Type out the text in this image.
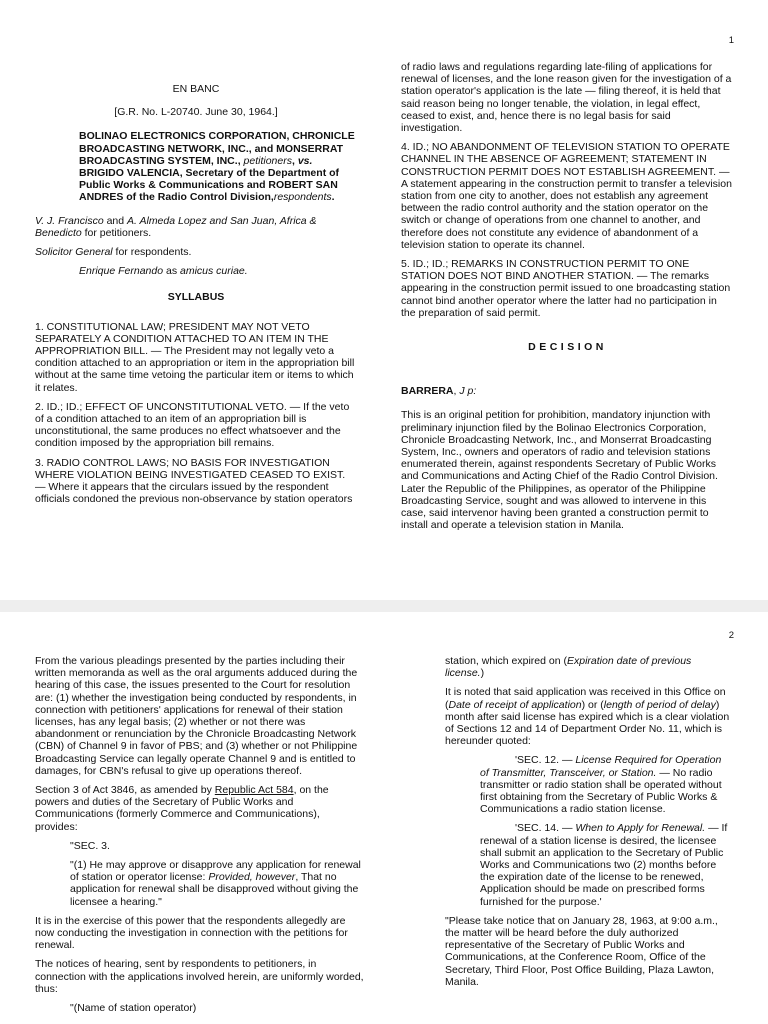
1

EN BANC

[G.R. No. L-20740. June 30, 1964.]

BOLINAO ELECTRONICS CORPORATION, CHRONICLE BROADCASTING NETWORK, INC., and MONSERRAT BROADCASTING SYSTEM, INC., petitioners, vs. BRIGIDO VALENCIA, Secretary of the Department of Public Works & Communications and ROBERT SAN ANDRES of the Radio Control Division,respondents.

V. J. Francisco and A. Almeda Lopez and San Juan, Africa & Benedicto for petitioners.

Solicitor General for respondents.

Enrique Fernando as amicus curiae.

SYLLABUS

1. CONSTITUTIONAL LAW; PRESIDENT MAY NOT VETO SEPARATELY A CONDITION ATTACHED TO AN ITEM IN THE APPROPRIATION BILL. — The President may not legally veto a condition attached to an appropriation or item in the appropriation bill without at the same time vetoing the particular item or items to which it relates.

2. ID.; ID.; EFFECT OF UNCONSTITUTIONAL VETO. — If the veto of a condition attached to an item of an appropriation bill is unconstitutional, the same produces no effect whatsoever and the condition imposed by the appropriation bill remains.

3. RADIO CONTROL LAWS; NO BASIS FOR INVESTIGATION WHERE VIOLATION BEING INVESTIGATED CEASED TO EXIST. — Where it appears that the circulars issued by the respondent officials condoned the previous non-observance by station operators

of radio laws and regulations regarding late-filing of applications for renewal of licenses, and the lone reason given for the investigation of a station operator's application is the late — filing thereof, it is held that said reason being no longer tenable, the violation, in legal effect, ceased to exist, and, hence there is no legal basis for said investigation.

4. ID.; NO ABANDONMENT OF TELEVISION STATION TO OPERATE CHANNEL IN THE ABSENCE OF AGREEMENT; STATEMENT IN CONSTRUCTION PERMIT DOES NOT ESTABLISH AGREEMENT. — A statement appearing in the construction permit to transfer a television station from one city to another, does not establish any agreement between the radio control authority and the station operator on the switch or change of operations from one channel to another, and therefore does not constitute any evidence of abandonment of a television station to operate its channel.

5. ID.; ID.; REMARKS IN CONSTRUCTION PERMIT TO ONE STATION DOES NOT BIND ANOTHER STATION. — The remarks appearing in the construction permit issued to one broadcasting station cannot bind another operator where the latter had no participation in the preparation of said permit.

DECISION

BARRERA, J p:

This is an original petition for prohibition, mandatory injunction with preliminary injunction filed by the Bolinao Electronics Corporation, Chronicle Broadcasting Network, Inc., and Monserrat Broadcasting System, Inc., owners and operators of radio and television stations enumerated therein, against respondents Secretary of Public Works and Communications and Acting Chief of the Radio Control Division. Later the Republic of the Philippines, as operator of the Philippine Broadcasting Service, sought and was allowed to intervene in this case, said intervenor having been granted a construction permit to install and operate a television station in Manila.

2

From the various pleadings presented by the parties including their written memoranda as well as the oral arguments adduced during the hearing of this case, the issues presented to the Court for resolution are: (1) whether the investigation being conducted by respondents, in connection with petitioners' applications for renewal of their station licenses, has any legal basis; (2) whether or not there was abandonment or renunciation by the Chronicle Broadcasting Network (CBN) of Channel 9 in favor of PBS; and (3) whether or not Philippine Broadcasting Service can legally operate Channel 9 and is entitled to damages, for CBN's refusal to give up operations thereof.

Section 3 of Act 3846, as amended by Republic Act 584, on the powers and duties of the Secretary of Public Works and Communications (formerly Commerce and Communications), provides:

"SEC. 3.

"(1) He may approve or disapprove any application for renewal of station or operator license: Provided, however, That no application for renewal shall be disapproved without giving the licensee a hearing."

It is in the exercise of this power that the respondents allegedly are now conducting the investigation in connection with the petitions for renewal.

The notices of hearing, sent by respondents to petitioners, in connection with the applications involved herein, are uniformly worded, thus:

"(Name of station operator)

station, which expired on (Expiration date of previous license.)

It is noted that said application was received in this Office on (Date of receipt of application) or (length of period of delay) month after said license has expired which is a clear violation of Sections 12 and 14 of Department Order No. 11, which is hereunder quoted:

'SEC. 12. — License Required for Operation of Transmitter, Transceiver, or Station. — No radio transmitter or radio station shall be operated without first obtaining from the Secretary of Public Works & Communications a radio station license.

'SEC. 14. — When to Apply for Renewal. — If renewal of a station license is desired, the licensee shall submit an application to the Secretary of Public Works and Communications two (2) months before the expiration date of the license to be renewed, Application should be made on prescribed forms furnished for the purpose.'

"Please take notice that on January 28, 1963, at 9:00 a.m., the matter will be heard before the duly authorized representative of the Secretary of Public Works and Communications, at the Conference Room, Office of the Secretary, Third Floor, Post Office Building, Plaza Lawton, Manila.
